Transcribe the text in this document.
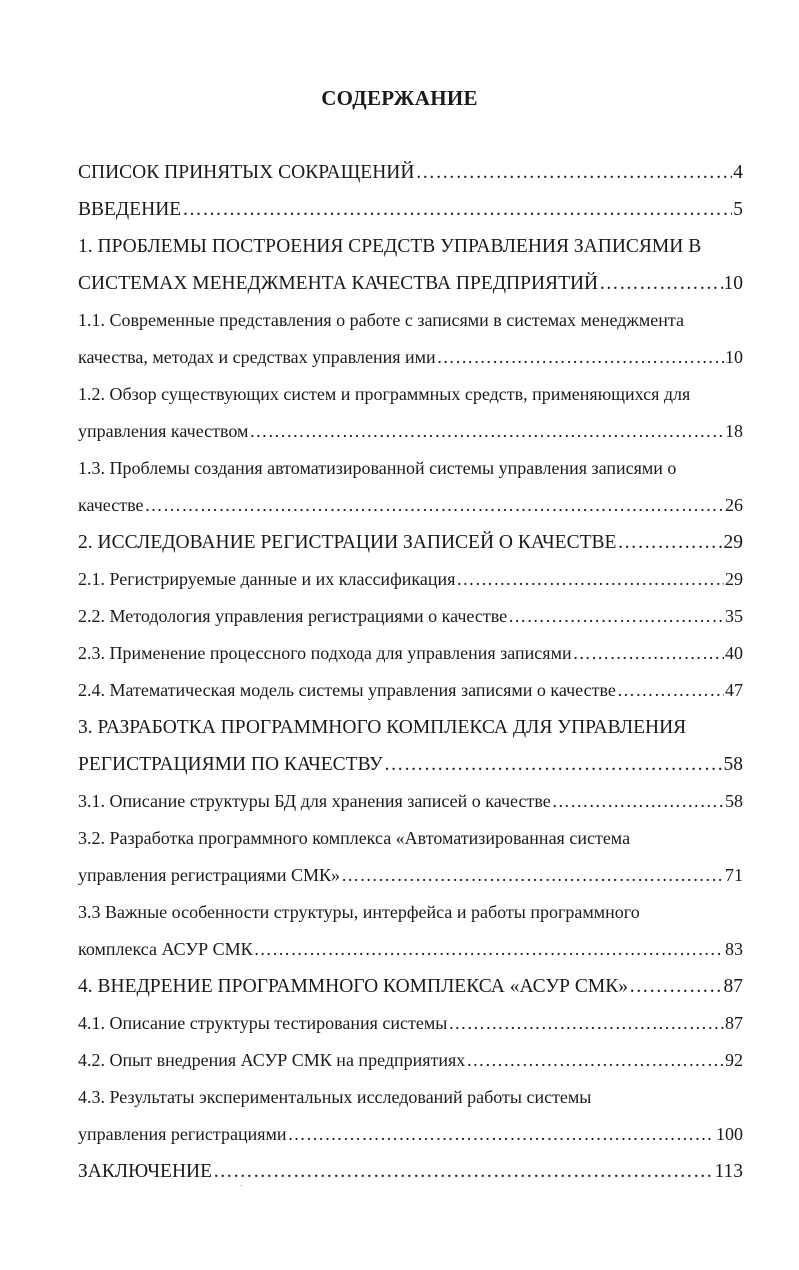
СОДЕРЖАНИЕ
СПИСОК ПРИНЯТЫХ СОКРАЩЕНИЙ ………………………………………………………………………………………………………………………………………………………………………………	4
ВВЕДЕНИЕ ………………………………………………………………………………………………………………………………………………………………………………	5
1. ПРОБЛЕМЫ ПОСТРОЕНИЯ СРЕДСТВ УПРАВЛЕНИЯ ЗАПИСЯМИ В
СИСТЕМАХ МЕНЕДЖМЕНТА КАЧЕСТВА ПРЕДПРИЯТИЙ ………………………………………………………………………………………………………………………………………………………………………………	10
1.1. Современные представления о работе с записями в системах менеджмента
качества, методах и средствах управления ими ………………………………………………………………………………………………………………………………………………………………………………	10
1.2. Обзор существующих систем и программных средств, применяющихся для
управления качеством ………………………………………………………………………………………………………………………………………………………………………………	18
1.3. Проблемы создания автоматизированной системы управления записями о
качестве ………………………………………………………………………………………………………………………………………………………………………………	26
2. ИССЛЕДОВАНИЕ РЕГИСТРАЦИИ ЗАПИСЕЙ О КАЧЕСТВЕ ………………………………………………………………………………………………………………………………………………………………………………	29
2.1. Регистрируемые данные и их классификация ………………………………………………………………………………………………………………………………………………………………………………	29
2.2. Методология управления регистрациями о качестве ………………………………………………………………………………………………………………………………………………………………………………	35
2.3. Применение процессного подхода для управления записями ………………………………………………………………………………………………………………………………………………………………………………	40
2.4. Математическая модель системы управления записями о качестве ………………………………………………………………………………………………………………………………………………………………………………	47
3. РАЗРАБОТКА ПРОГРАММНОГО КОМПЛЕКСА ДЛЯ УПРАВЛЕНИЯ
РЕГИСТРАЦИЯМИ ПО КАЧЕСТВУ ………………………………………………………………………………………………………………………………………………………………………………	58
3.1. Описание структуры БД для хранения записей о качестве ………………………………………………………………………………………………………………………………………………………………………………	58
3.2. Разработка программного комплекса «Автоматизированная система
управления регистрациями СМК» ………………………………………………………………………………………………………………………………………………………………………………	71
3.3 Важные особенности структуры, интерфейса и работы программного
комплекса АСУР СМК ………………………………………………………………………………………………………………………………………………………………………………	83
4. ВНЕДРЕНИЕ ПРОГРАММНОГО КОМПЛЕКСА «АСУР СМК» ………………………………………………………………………………………………………………………………………………………………………………	87
4.1. Описание структуры тестирования системы ………………………………………………………………………………………………………………………………………………………………………………	87
4.2. Опыт внедрения АСУР СМК на предприятиях ………………………………………………………………………………………………………………………………………………………………………………	92
4.3. Результаты экспериментальных исследований работы системы
управления регистрациями ………………………………………………………………………………………………………………………………………………………………………………	100
ЗАКЛЮЧЕНИЕ ………………………………………………………………………………………………………………………………………………………………………………	113
